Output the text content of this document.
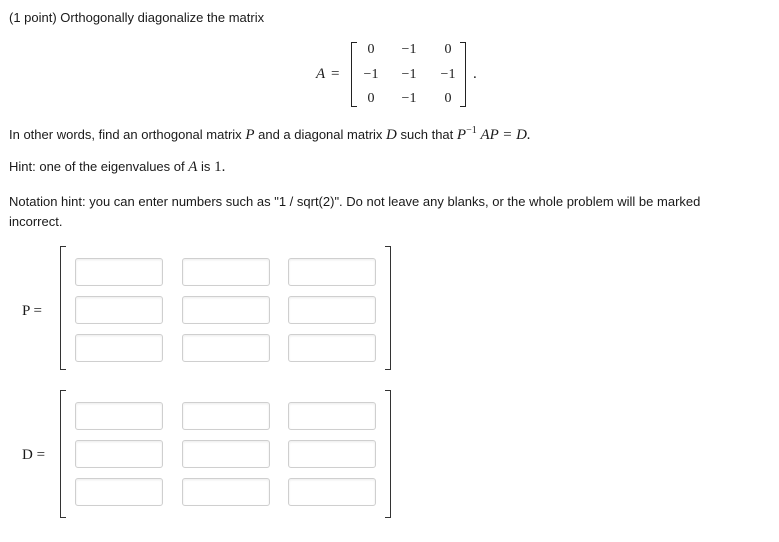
(1 point) Orthogonally diagonalize the matrix
A =
0	−1	0
−1	−1	−1
0	−1	0
.
In other words, find an orthogonal matrix P and a diagonal matrix D such that $P^{-1}$ AP = D.
Hint: one of the eigenvalues of A is 1.
Notation hint: you can enter numbers such as "1 / sqrt(2)". Do not leave any blanks, or the whole problem will be marked
incorrect.
P =
D =
